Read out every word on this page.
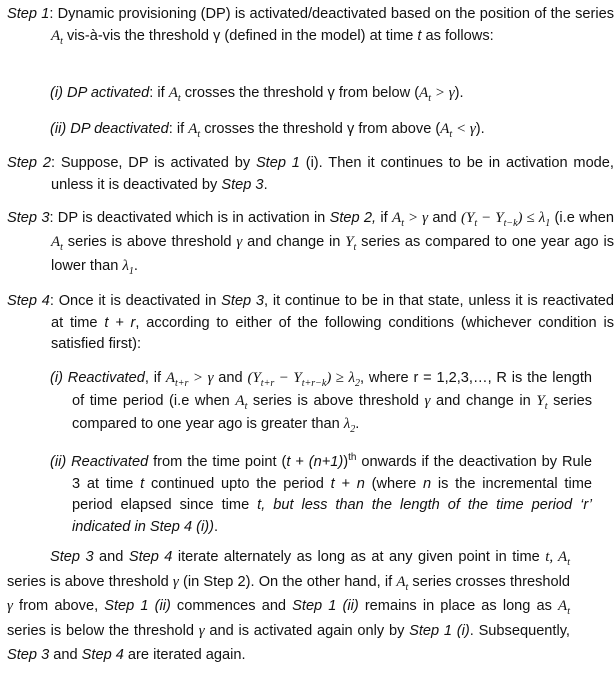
Step 1: Dynamic provisioning (DP) is activated/deactivated based on the position of the series $A_t$ vis-à-vis the threshold γ (defined in the model) at time t as follows:
(i) DP activated: if $A_t$ crosses the threshold γ from below $(A_t > \gamma)$.
(ii) DP deactivated: if $A_t$ crosses the threshold γ from above $(A_t < \gamma)$.
Step 2: Suppose, DP is activated by Step 1 (i). Then it continues to be in activation mode, unless it is deactivated by Step 3.
Step 3: DP is deactivated which is in activation in Step 2, if $A_t > \gamma$ and $(Y_t - Y_{t-k}) \le \lambda_1$ (i.e when $A_t$ series is above threshold γ and change in $Y_t$ series as compared to one year ago is lower than $\lambda_1$.
Step 4: Once it is deactivated in Step 3, it continue to be in that state, unless it is reactivated at time t + r, according to either of the following conditions (whichever condition is satisfied first):
(i) Reactivated, if $A_{t+r} > \gamma$ and $(Y_{t+r} - Y_{t+r-k}) \ge \lambda_2$, where r = 1,2,3,…, R is the length of time period (i.e when $A_t$ series is above threshold γ and change in $Y_t$ series compared to one year ago is greater than $\lambda_2$.
(ii) Reactivated from the time point $(t + (n+1))^{th}$ onwards if the deactivation by Rule 3 at time t continued upto the period t + n (where n is the incremental time period elapsed since time t, but less than the length of the time period ‘r’ indicated in Step 4 (i)).
Step 3 and Step 4 iterate alternately as long as at any given point in time t, $A_t$ series is above threshold γ (in Step 2). On the other hand, if $A_t$ series crosses threshold γ from above, Step 1 (ii) commences and Step 1 (ii) remains in place as long as $A_t$ series is below the threshold γ and is activated again only by Step 1 (i). Subsequently, Step 3 and Step 4 are iterated again.
